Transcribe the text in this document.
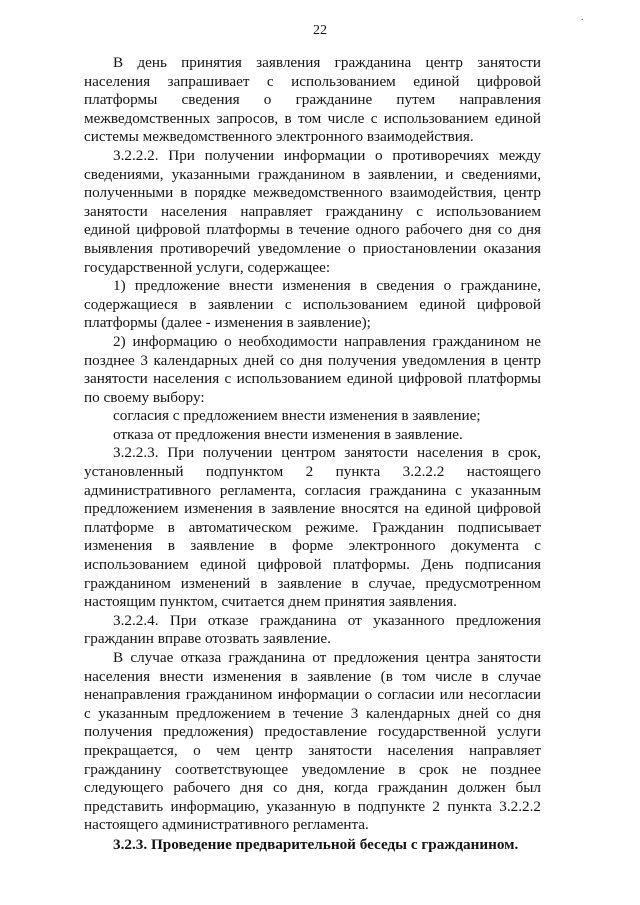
22
.

В день принятия заявления гражданина центр занятости населения запрашивает с использованием единой цифровой платформы сведения о гражданине путем направления межведомственных запросов, в том числе с использованием единой системы межведомственного электронного взаимодействия.

3.2.2.2. При получении информации о противоречиях между сведениями, указанными гражданином в заявлении, и сведениями, полученными в порядке межведомственного взаимодействия, центр занятости населения направляет гражданину с использованием единой цифровой платформы в течение одного рабочего дня со дня выявления противоречий уведомление о приостановлении оказания государственной услуги, содержащее:

1) предложение внести изменения в сведения о гражданине, содержащиеся в заявлении с использованием единой цифровой платформы (далее - изменения в заявление);

2) информацию о необходимости направления гражданином не позднее 3 календарных дней со дня получения уведомления в центр занятости населения с использованием единой цифровой платформы по своему выбору:

согласия с предложением внести изменения в заявление;

отказа от предложения внести изменения в заявление.

3.2.2.3. При получении центром занятости населения в срок, установленный подпунктом 2 пункта 3.2.2.2 настоящего административного регламента, согласия гражданина с указанным предложением изменения в заявление вносятся на единой цифровой платформе в автоматическом режиме. Гражданин подписывает изменения в заявление в форме электронного документа с использованием единой цифровой платформы. День подписания гражданином изменений в заявление в случае, предусмотренном настоящим пунктом, считается днем принятия заявления.

3.2.2.4. При отказе гражданина от указанного предложения гражданин вправе отозвать заявление.

В случае отказа гражданина от предложения центра занятости населения внести изменения в заявление (в том числе в случае ненаправления гражданином информации о согласии или несогласии с указанным предложением в течение 3 календарных дней со дня получения предложения) предоставление государственной услуги прекращается, о чем центр занятости населения направляет гражданину соответствующее уведомление в срок не позднее следующего рабочего дня со дня, когда гражданин должен был представить информацию, указанную в подпункте 2 пункта 3.2.2.2 настоящего административного регламента.

3.2.3. Проведение предварительной беседы с гражданином.
